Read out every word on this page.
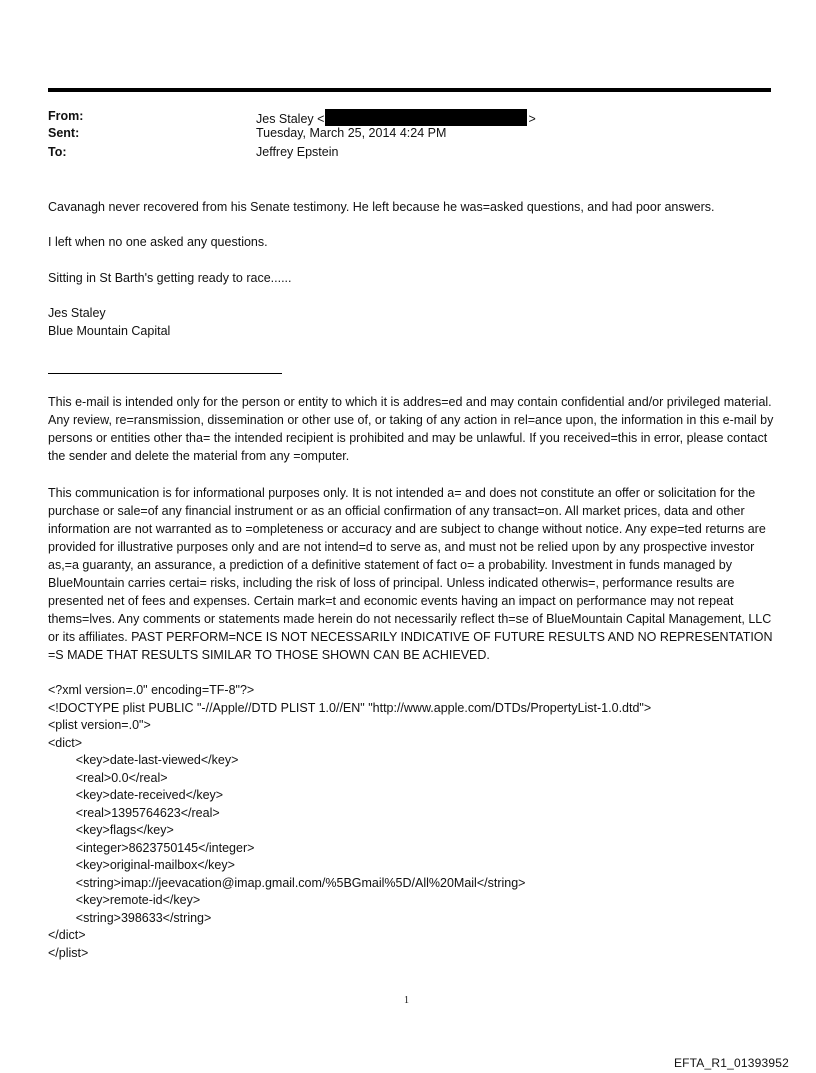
From:	Jes Staley <	>
Sent:	Tuesday, March 25, 2014 4:24 PM
To:	Jeffrey Epstein
Cavanagh never recovered from his Senate testimony. He left because he was=asked questions, and had poor answers.
I left when no one asked any questions.
Sitting in St Barth's getting ready to race......
Jes Staley
Blue Mountain Capital
This e-mail is intended only for the person or entity to which it is addres=ed and may contain confidential and/or privileged material. Any review, re=ransmission, dissemination or other use of, or taking of any action in rel=ance upon, the information in this e-mail by persons or entities other tha= the intended recipient is prohibited and may be unlawful. If you received=this in error, please contact the sender and delete the material from any =omputer.
This communication is for informational purposes only. It is not intended a= and does not constitute an offer or solicitation for the purchase or sale=of any financial instrument or as an official confirmation of any transact=on. All market prices, data and other information are not warranted as to =ompleteness or accuracy and are subject to change without notice. Any expe=ted returns are provided for illustrative purposes only and are not intend=d to serve as, and must not be relied upon by any prospective investor as,=a guaranty, an assurance, a prediction of a definitive statement of fact o= a probability. Investment in funds managed by BlueMountain carries certai= risks, including the risk of loss of principal. Unless indicated otherwis=, performance results are presented net of fees and expenses. Certain mark=t and economic events having an impact on performance may not repeat thems=lves. Any comments or statements made herein do not necessarily reflect th=se of BlueMountain Capital Management, LLC or its affiliates. PAST PERFORM=NCE IS NOT NECESSARILY INDICATIVE OF FUTURE RESULTS AND NO REPRESENTATION =S MADE THAT RESULTS SIMILAR TO THOSE SHOWN CAN BE ACHIEVED.
<?xml version=.0" encoding=TF-8"?>
<!DOCTYPE plist PUBLIC "-//Apple//DTD PLIST 1.0//EN" "http://www.apple.com/DTDs/PropertyList-1.0.dtd">
<plist version=.0">
<dict>
<key>date-last-viewed</key>
<real>0.0</real>
<key>date-received</key>
<real>1395764623</real>
<key>flags</key>
<integer>8623750145</integer>
<key>original-mailbox</key>
<string>imap://jeevacation@imap.gmail.com/%5BGmail%5D/All%20Mail</string>
<key>remote-id</key>
<string>398633</string>
</dict>
</plist>
1
EFTA_R1_01393952
